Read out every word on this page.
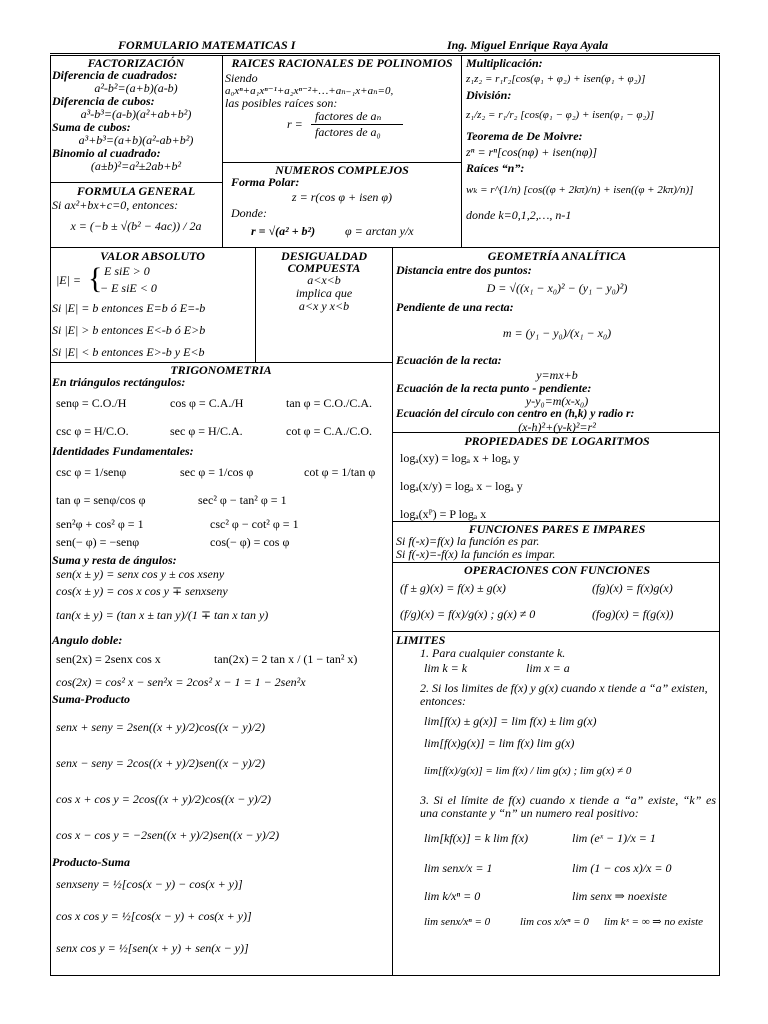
FORMULARIO MATEMATICAS I	Ing. Miguel Enrique Raya Ayala
FACTORIZACIÓN
Diferencia de cuadrados:
a²-b²=(a+b)(a-b)
Diferencia de cubos:
a³-b³=(a-b)(a²+ab+b²)
Suma de cubos:
a³+b³=(a+b)(a²-ab+b²)
Binomio al cuadrado:
(a±b)²=a²±2ab+b²
FORMULA GENERAL
Si ax²+bx+c=0, entonces:
x = (−b ± √(b² − 4ac)) / 2a
RAICES RACIONALES DE POLINOMIOS
Siendo
a₀xⁿ+a₁xⁿ⁻¹+a₂xⁿ⁻²+…+aₙ₋₁x+aₙ=0,
las posibles raíces son:
r =
factores de aₙ
factores de a₀
NUMEROS COMPLEJOS
Forma Polar:
z = r(cos φ + isen φ)
Donde:
r = √(a² + b²) φ = arctan y/x
Multiplicación:
z₁z₂ = r₁r₂[cos(φ₁ + φ₂) + isen(φ₁ + φ₂)]
División:
z₁/z₂ = r₁/r₂ [cos(φ₁ − φ₂) + isen(φ₁ − φ₂)]
Teorema de De Moivre:
zⁿ = rⁿ[cos(nφ) + isen(nφ)]
Raíces “n”:
wₖ = r^(1/n) [cos((φ + 2kπ)/n) + isen((φ + 2kπ)/n)]
donde k=0,1,2,…, n-1
VALOR ABSOLUTO
|E| = { E siE > 0
− E siE < 0
Si |E| = b entonces E=b ó E=-b
Si |E| > b entonces E<-b ó E>b
Si |E| < b entonces E>-b y E<b
DESIGUALDAD COMPUESTA
a<x<b
implica que
a<x y x<b
GEOMETRÍA ANALÍTICA
Distancia entre dos puntos:
D = √((x₁ − x₀)² − (y₁ − y₀)²)
Pendiente de una recta:
m = (y₁ − y₀)/(x₁ − x₀)
Ecuación de la recta:
y=mx+b
Ecuación de la recta punto - pendiente:
y-y₀=m(x-x₀)
Ecuación del círculo con centro en (h,k) y radio r:
(x-h)²+(y-k)²=r²
PROPIEDADES DE LOGARITMOS
logₐ(xy) = logₐ x + logₐ y
logₐ(x/y) = logₐ x − logₐ y
logₐ(xᴾ) = P logₐ x
FUNCIONES PARES E IMPARES
Si f(-x)=f(x) la función es par.
Si f(-x)=-f(x) la función es impar.
OPERACIONES CON FUNCIONES
(f ± g)(x) = f(x) ± g(x)	(fg)(x) = f(x)g(x)
(f/g)(x) = f(x)/g(x) ; g(x) ≠ 0	(fog)(x) = f(g(x))
LIMITES
1. Para cualquier constante k.
lim k = k	lim x = a
2. Si los limites de f(x) y g(x) cuando x tiende a “a” existen, entonces:
lim[f(x) ± g(x)] = lim f(x) ± lim g(x)
lim[f(x)g(x)] = lim f(x) lim g(x)
lim[f(x)/g(x)] = lim f(x) / lim g(x) ; lim g(x) ≠ 0
3. Si el límite de f(x) cuando x tiende a “a” existe, “k” es una constante y “n” un numero real positivo:
lim[kf(x)] = k lim f(x)	lim (eˣ − 1)/x = 1
lim senx/x = 1	lim (1 − cos x)/x = 0
lim k/xⁿ = 0	lim senx ⇒ noexiste
lim senx/xⁿ = 0	lim cos x/xⁿ = 0 lim kˣ = ∞ ⇒ no existe
TRIGONOMETRIA
En triángulos rectángulos:
senφ = C.O./H	cos φ = C.A./H	tan φ = C.O./C.A.
csc φ = H/C.O.	sec φ = H/C.A.	cot φ = C.A./C.O.
Identidades Fundamentales:
csc φ = 1/senφ	sec φ = 1/cos φ	cot φ = 1/tan φ
tan φ = senφ/cos φ	sec² φ − tan² φ = 1
sen²φ + cos² φ = 1	csc² φ − cot² φ = 1
sen(− φ) = −senφ	cos(− φ) = cos φ
Suma y resta de ángulos:
sen(x ± y) = senx cos y ± cos xseny
cos(x ± y) = cos x cos y ∓ senxseny
tan(x ± y) = (tan x ± tan y)/(1 ∓ tan x tan y)
Angulo doble:
sen(2x) = 2senx cos x	tan(2x) = 2 tan x / (1 − tan² x)
cos(2x) = cos² x − sen²x = 2cos² x − 1 = 1 − 2sen²x
Suma-Producto
senx + seny = 2sen((x + y)/2)cos((x − y)/2)
senx − seny = 2cos((x + y)/2)sen((x − y)/2)
cos x + cos y = 2cos((x + y)/2)cos((x − y)/2)
cos x − cos y = −2sen((x + y)/2)sen((x − y)/2)
Producto-Suma
senxseny = ½[cos(x − y) − cos(x + y)]
cos x cos y = ½[cos(x − y) + cos(x + y)]
senx cos y = ½[sen(x + y) + sen(x − y)]
